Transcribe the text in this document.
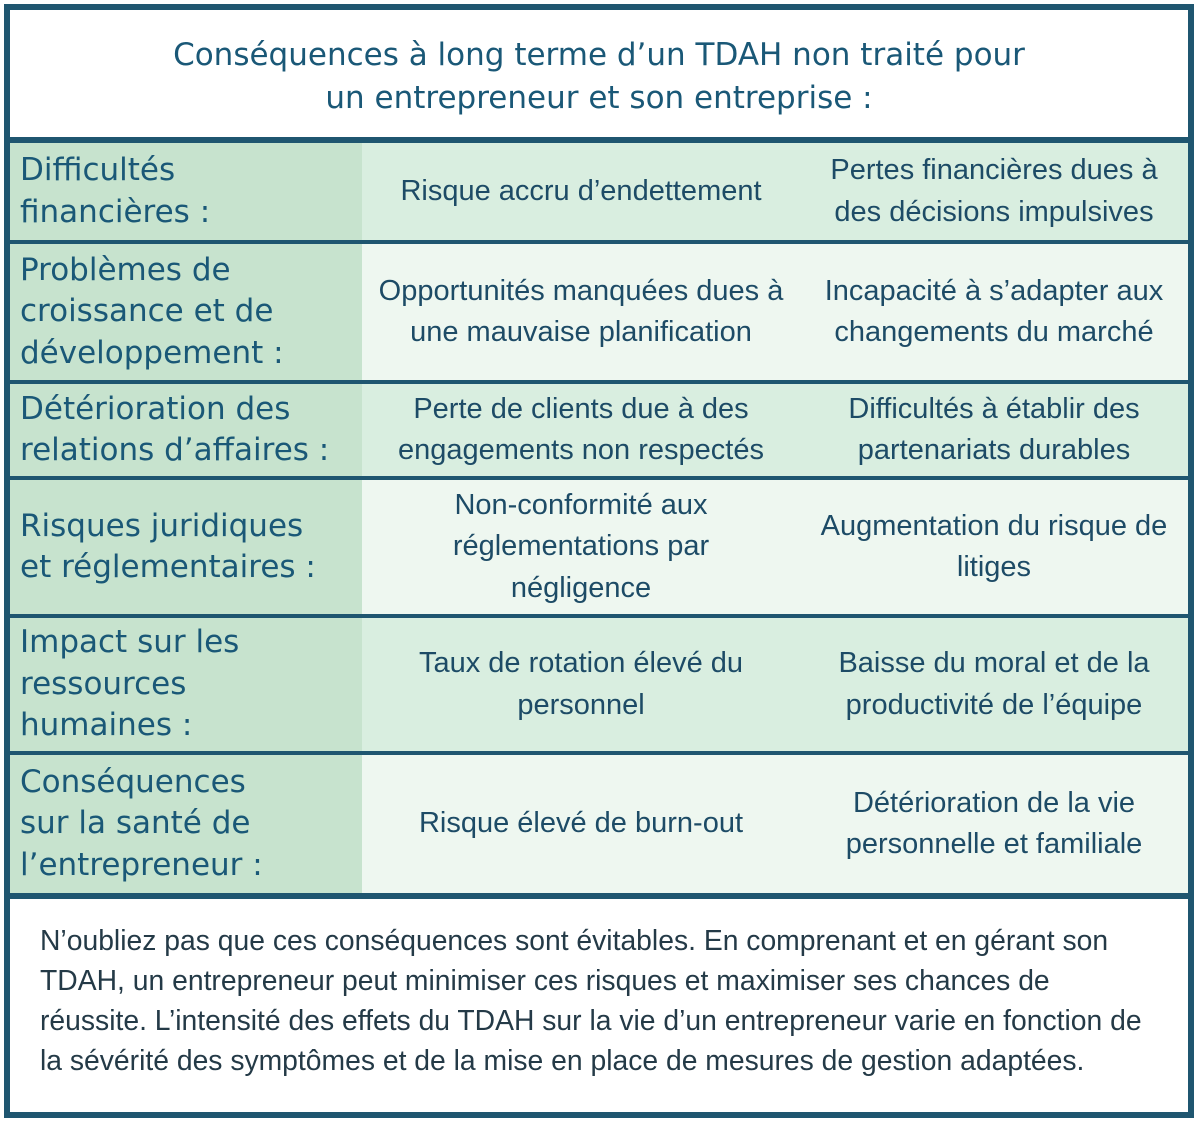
Conséquences à long terme d’un TDAH non traité pour
un entrepreneur et son entreprise :
Difficultés
financières :
Risque accru d’endettement
Pertes financières dues à
des décisions impulsives
Problèmes de
croissance et de
développement :
Opportunités manquées dues à
une mauvaise planification
Incapacité à s’adapter aux
changements du marché
Détérioration des
relations d’affaires :
Perte de clients due à des
engagements non respectés
Difficultés à établir des
partenariats durables
Risques juridiques
et réglementaires :
Non-conformité aux
réglementations par
négligence
Augmentation du risque de
litiges
Impact sur les
ressources
humaines :
Taux de rotation élevé du
personnel
Baisse du moral et de la
productivité de l’équipe
Conséquences
sur la santé de
l’entrepreneur :
Risque élevé de burn-out
Détérioration de la vie
personnelle et familiale
N’oubliez pas que ces conséquences sont évitables. En comprenant et en gérant son
TDAH, un entrepreneur peut minimiser ces risques et maximiser ses chances de
réussite. L’intensité des effets du TDAH sur la vie d’un entrepreneur varie en fonction de
la sévérité des symptômes et de la mise en place de mesures de gestion adaptées.
